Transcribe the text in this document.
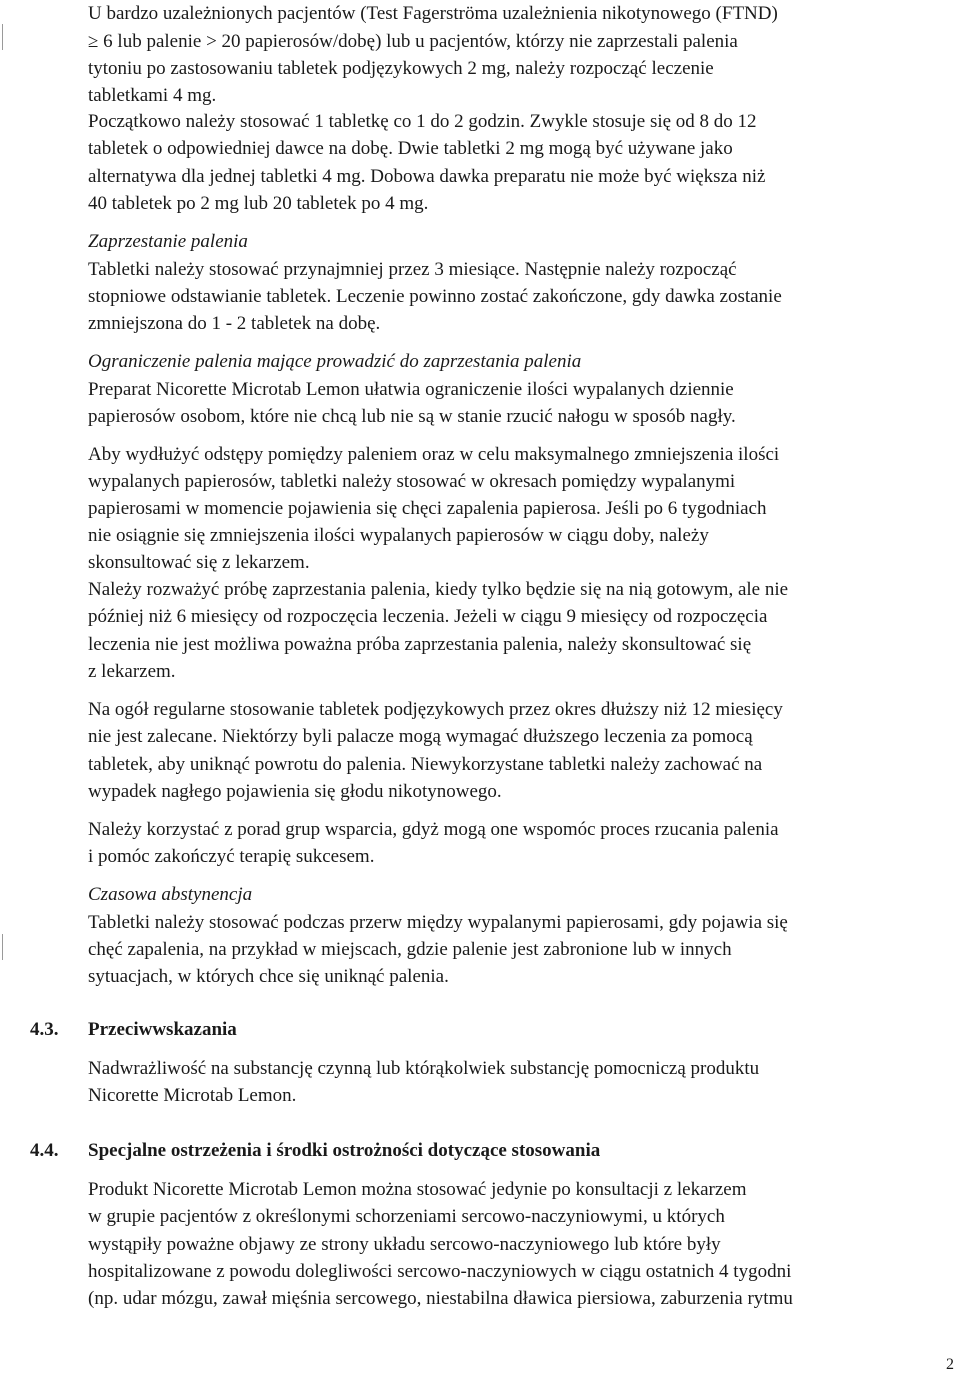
U bardzo uzależnionych pacjentów (Test Fagerströma uzależnienia nikotynowego (FTND)
≥ 6 lub palenie > 20 papierosów/dobę) lub u pacjentów, którzy nie zaprzestali palenia
tytoniu po zastosowaniu tabletek podjęzykowych 2 mg, należy rozpocząć leczenie
tabletkami 4 mg.
Początkowo należy stosować 1 tabletkę co 1 do 2 godzin. Zwykle stosuje się od 8 do 12
tabletek o odpowiedniej dawce na dobę. Dwie tabletki 2 mg mogą być używane jako
alternatywa dla jednej tabletki 4 mg. Dobowa dawka preparatu nie może być większa niż
40 tabletek po 2 mg lub 20 tabletek po 4 mg.
Zaprzestanie palenia
Tabletki należy stosować przynajmniej przez 3 miesiące. Następnie należy rozpocząć
stopniowe odstawianie tabletek. Leczenie powinno zostać zakończone, gdy dawka zostanie
zmniejszona do 1 - 2 tabletek na dobę.
Ograniczenie palenia mające prowadzić do zaprzestania palenia
Preparat Nicorette Microtab Lemon ułatwia ograniczenie ilości wypalanych dziennie
papierosów osobom, które nie chcą lub nie są w stanie rzucić nałogu w sposób nagły.
Aby wydłużyć odstępy pomiędzy paleniem oraz w celu maksymalnego zmniejszenia ilości
wypalanych papierosów, tabletki należy stosować w okresach pomiędzy wypalanymi
papierosami w momencie pojawienia się chęci zapalenia papierosa. Jeśli po 6 tygodniach
nie osiągnie się zmniejszenia ilości wypalanych papierosów w ciągu doby, należy
skonsultować się z lekarzem.
Należy rozważyć próbę zaprzestania palenia, kiedy tylko będzie się na nią gotowym, ale nie
później niż 6 miesięcy od rozpoczęcia leczenia. Jeżeli w ciągu 9 miesięcy od rozpoczęcia
leczenia nie jest możliwa poważna próba zaprzestania palenia, należy skonsultować się
z lekarzem.
Na ogół regularne stosowanie tabletek podjęzykowych przez okres dłuższy niż 12 miesięcy
nie jest zalecane. Niektórzy byli palacze mogą wymagać dłuższego leczenia za pomocą
tabletek, aby uniknąć powrotu do palenia. Niewykorzystane tabletki należy zachować na
wypadek nagłego pojawienia się głodu nikotynowego.
Należy korzystać z porad grup wsparcia, gdyż mogą one wspomóc proces rzucania palenia
i pomóc zakończyć terapię sukcesem.
Czasowa abstynencja
Tabletki należy stosować podczas przerw między wypalanymi papierosami, gdy pojawia się
chęć zapalenia, na przykład w miejscach, gdzie palenie jest zabronione lub w innych
sytuacjach, w których chce się uniknąć palenia.
4.3. Przeciwwskazania
Nadwrażliwość na substancję czynną lub którąkolwiek substancję pomocniczą produktu
Nicorette Microtab Lemon.
4.4. Specjalne ostrzeżenia i środki ostrożności dotyczące stosowania
Produkt Nicorette Microtab Lemon można stosować jedynie po konsultacji z lekarzem
w grupie pacjentów z określonymi schorzeniami sercowo-naczyniowymi, u których
wystąpiły poważne objawy ze strony układu sercowo-naczyniowego lub które były
hospitalizowane z powodu dolegliwości sercowo-naczyniowych w ciągu ostatnich 4 tygodni
(np. udar mózgu, zawał mięśnia sercowego, niestabilna dławica piersiowa, zaburzenia rytmu
2
